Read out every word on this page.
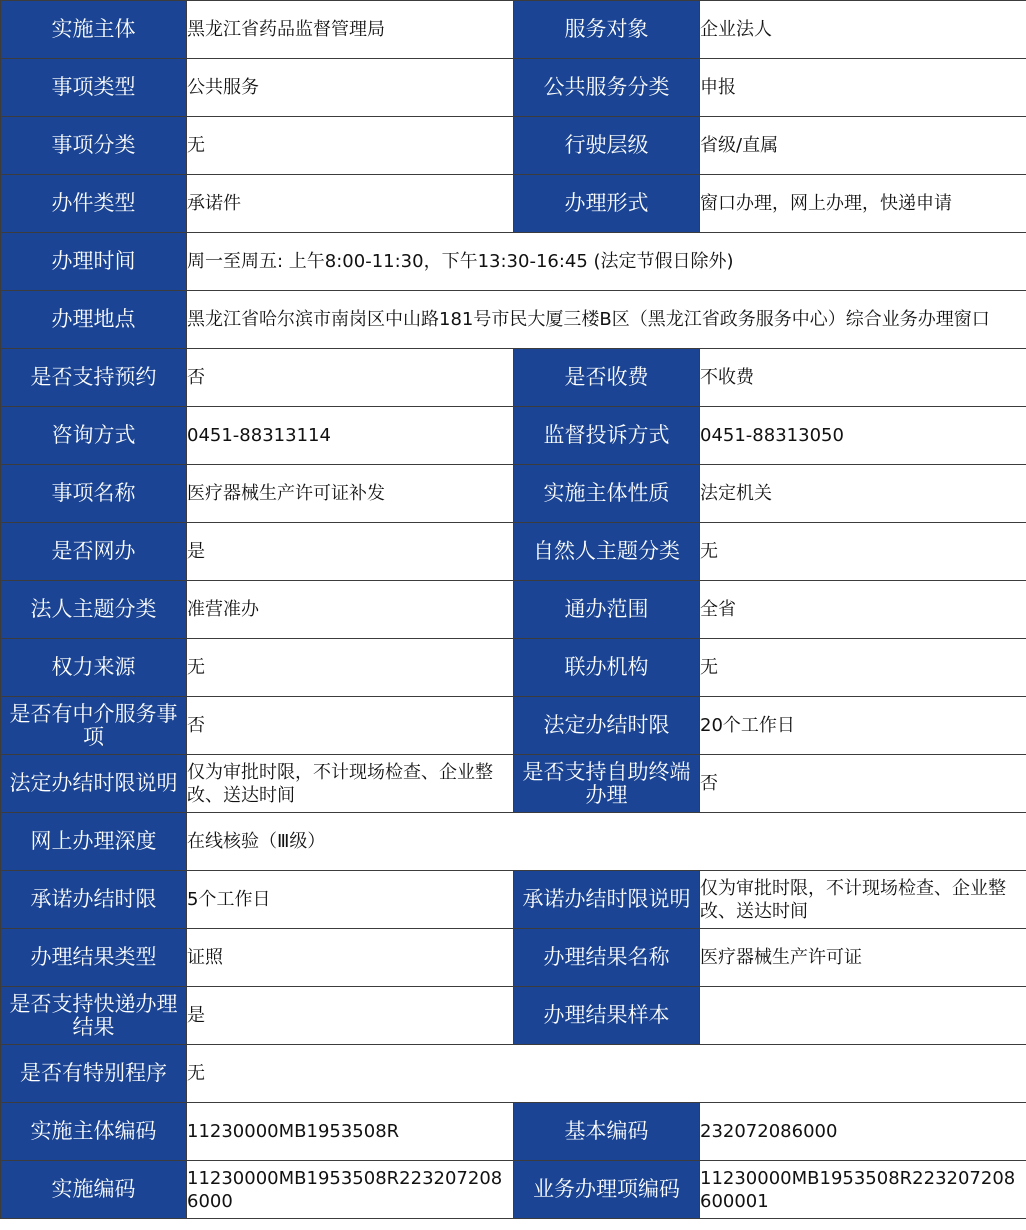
实施主体	黑龙江省药品监督管理局	服务对象	企业法人
事项类型	公共服务	公共服务分类	申报
事项分类	无	行驶层级	省级/直属
办件类型	承诺件	办理形式	窗口办理，网上办理，快递申请
办理时间	周一至周五: 上午8:00-11:30，下午13:30-16:45 (法定节假日除外)		
办理地点	黑龙江省哈尔滨市南岗区中山路181号市民大厦三楼B区（黑龙江省政务服务中心）综合业务办理窗口		
是否支持预约	否	是否收费	不收费
咨询方式	0451-88313114	监督投诉方式	0451-88313050
事项名称	医疗器械生产许可证补发	实施主体性质	法定机关
是否网办	是	自然人主题分类	无
法人主题分类	准营准办	通办范围	全省
权力来源	无	联办机构	无
是否有中介服务事项	否	法定办结时限	20个工作日
法定办结时限说明	仅为审批时限，不计现场检查、企业整改、送达时间	是否支持自助终端办理	否
网上办理深度	在线核验（Ⅲ级）		
承诺办结时限	5个工作日	承诺办结时限说明	仅为审批时限，不计现场检查、企业整改、送达时间
办理结果类型	证照	办理结果名称	医疗器械生产许可证
是否支持快递办理结果	是	办理结果样本	
是否有特别程序	无		
实施主体编码	11230000MB1953508R	基本编码	232072086000
实施编码	11230000MB1953508R2232072086000	业务办理项编码	11230000MB1953508R223207208600001
